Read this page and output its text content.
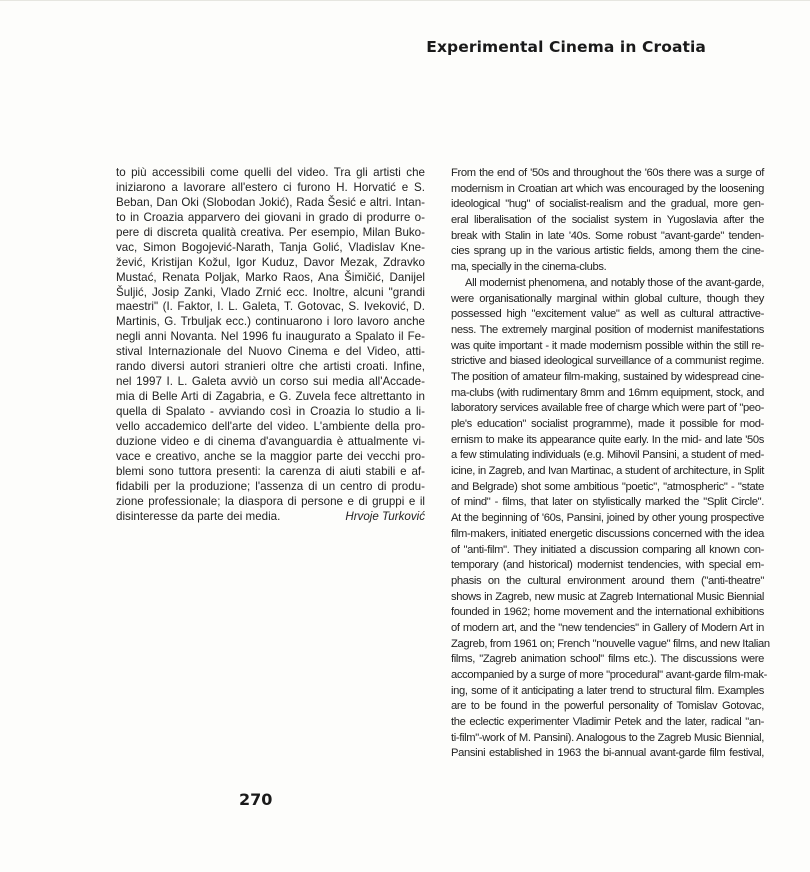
Experimental Cinema in Croatia
to più accessibili come quelli del video. Tra gli artisti che
iniziarono a lavorare all'estero ci furono H. Horvatić e S.
Beban, Dan Oki (Slobodan Jokić), Rada Šesić e altri. Intan-
to in Croazia apparvero dei giovani in grado di produrre o-
pere di discreta qualità creativa. Per esempio, Milan Buko-
vac, Simon Bogojević-Narath, Tanja Golić, Vladislav Kne-
žević, Kristijan Kožul, Igor Kuduz, Davor Mezak, Zdravko
Mustać, Renata Poljak, Marko Raos, Ana Šimičić, Danijel
Šuljić, Josip Zanki, Vlado Zrnić ecc. Inoltre, alcuni "grandi
maestri" (I. Faktor, I. L. Galeta, T. Gotovac, S. Iveković, D.
Martinis, G. Trbuljak ecc.) continuarono i loro lavoro anche
negli anni Novanta. Nel 1996 fu inaugurato a Spalato il Fe-
stival Internazionale del Nuovo Cinema e del Video, atti-
rando diversi autori stranieri oltre che artisti croati. Infine,
nel 1997 I. L. Galeta avviò un corso sui media all'Accade-
mia di Belle Arti di Zagabria, e G. Zuvela fece altrettanto in
quella di Spalato - avviando così in Croazia lo studio a li-
vello accademico dell'arte del video. L'ambiente della pro-
duzione video e di cinema d'avanguardia è attualmente vi-
vace e creativo, anche se la maggior parte dei vecchi pro-
blemi sono tuttora presenti: la carenza di aiuti stabili e af-
fidabili per la produzione; l'assenza di un centro di produ-
zione professionale; la diaspora di persone e di gruppi e il
disinteresse da parte dei media.	Hrvoje Turković
From the end of '50s and throughout the '60s there was a surge of
modernism in Croatian art which was encouraged by the loosening
ideological "hug" of socialist-realism and the gradual, more gen-
eral liberalisation of the socialist system in Yugoslavia after the
break with Stalin in late '40s. Some robust "avant-garde" tenden-
cies sprang up in the various artistic fields, among them the cine-
ma, specially in the cinema-clubs.
All modernist phenomena, and notably those of the avant-garde,
were organisationally marginal within global culture, though they
possessed high "excitement value" as well as cultural attractive-
ness. The extremely marginal position of modernist manifestations
was quite important - it made modernism possible within the still re-
strictive and biased ideological surveillance of a communist regime.
The position of amateur film-making, sustained by widespread cine-
ma-clubs (with rudimentary 8mm and 16mm equipment, stock, and
laboratory services available free of charge which were part of "peo-
ple's education" socialist programme), made it possible for mod-
ernism to make its appearance quite early. In the mid- and late '50s
a few stimulating individuals (e.g. Mihovil Pansini, a student of med-
icine, in Zagreb, and Ivan Martinac, a student of architecture, in Split
and Belgrade) shot some ambitious "poetic", "atmospheric" - "state
of mind" - films, that later on stylistically marked the "Split Circle".
At the beginning of '60s, Pansini, joined by other young prospective
film-makers, initiated energetic discussions concerned with the idea
of "anti-film". They initiated a discussion comparing all known con-
temporary (and historical) modernist tendencies, with special em-
phasis on the cultural environment around them ("anti-theatre"
shows in Zagreb, new music at Zagreb International Music Biennial
founded in 1962; home movement and the international exhibitions
of modern art, and the "new tendencies" in Gallery of Modern Art in
Zagreb, from 1961 on; French "nouvelle vague" films, and new Italian
films, "Zagreb animation school" films etc.). The discussions were
accompanied by a surge of more "procedural" avant-garde film-mak-
ing, some of it anticipating a later trend to structural film. Examples
are to be found in the powerful personality of Tomislav Gotovac,
the eclectic experimenter Vladimir Petek and the later, radical "an-
ti-film"-work of M. Pansini). Analogous to the Zagreb Music Biennial,
Pansini established in 1963 the bi-annual avant-garde film festival,
270
